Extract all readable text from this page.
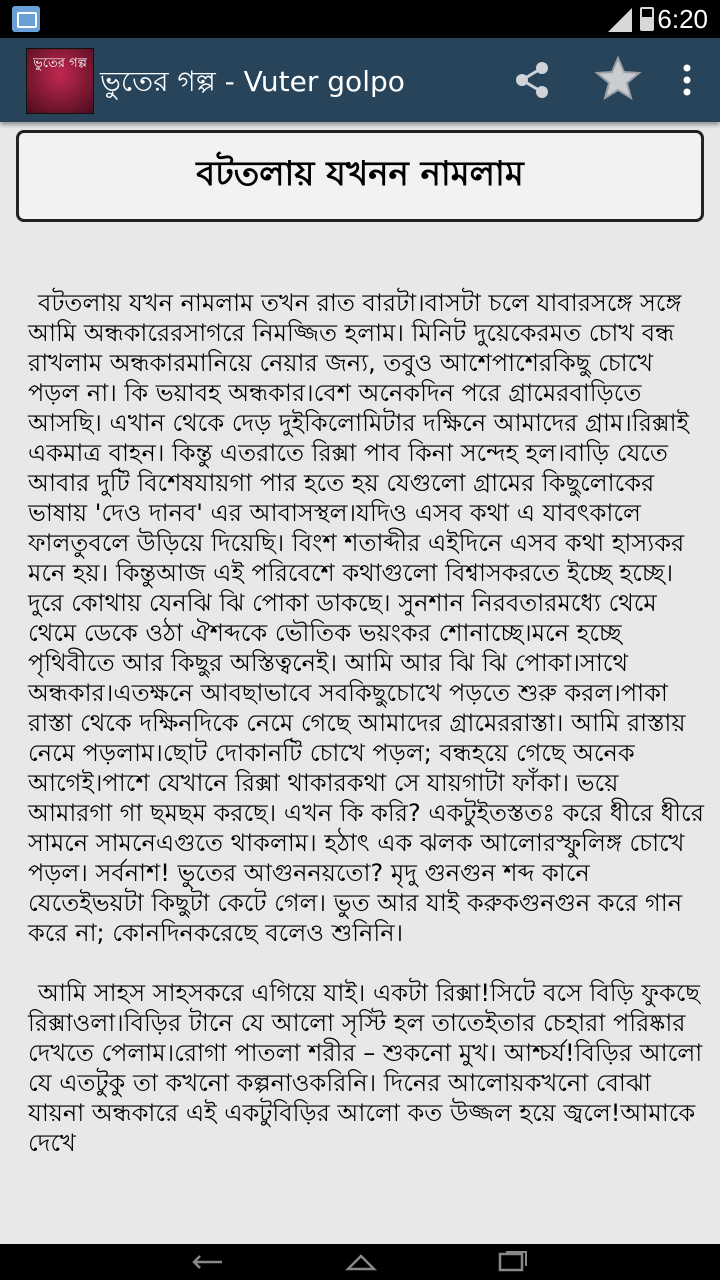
6:20
ভুতের গল্প
ভুতের গল্প - Vuter golpo
বটতলায় যখনন নামলাম

বটতলায় যখন নামলাম তখন রাত বারটা।বাসটা চলে যাবারসঙ্গে সঙ্গে আমি অন্ধকারেরসাগরে নিমজ্জিত হলাম। মিনিট দুয়েকেরমত চোখ বন্ধ রাখলাম অন্ধকারমানিয়ে নেয়ার জন্য, তবুও আশেপাশেরকিছু চোখে পড়ল না। কি ভয়াবহ অন্ধকার।বেশ অনেকদিন পরে গ্রামেরবাড়িতে আসছি। এখান থেকে দেড় দুইকিলোমিটার দক্ষিনে আমাদের গ্রাম।রিক্সাই একমাত্র বাহন। কিন্তু এতরাতে রিক্সা পাব কিনা সন্দেহ হল।বাড়ি যেতে আবার দুটি বিশেষযায়গা পার হতে হয় যেগুলো গ্রামের কিছুলোকের ভাষায় 'দেও দানব' এর আবাসস্থল।যদিও এসব কথা এ যাবৎকালে ফালতুবলে উড়িয়ে দিয়েছি। বিংশ শতাব্দীর এইদিনে এসব কথা হাস্যকর মনে হয়। কিন্তুআজ এই পরিবেশে কথাগুলো বিশ্বাসকরতে ইচ্ছে হচ্ছে। দুরে কোথায় যেনঝি ঝি পোকা ডাকছে। সুনশান নিরবতারমধ্যে থেমে থেমে ডেকে ওঠা ঐশব্দকে ভৌতিক ভয়ংকর শোনাচ্ছে।মনে হচ্ছে পৃথিবীতে আর কিছুর অস্তিত্বনেই। আমি আর ঝি ঝি পোকা।সাথে অন্ধকার।এতক্ষনে আবছাভাবে সবকিছুচোখে পড়তে শুরু করল।পাকা রাস্তা থেকে দক্ষিনদিকে নেমে গেছে আমাদের গ্রামেররাস্তা। আমি রাস্তায় নেমে পড়লাম।ছোট দোকানটি চোখে পড়ল; বন্ধহয়ে গেছে অনেক আগেই।পাশে যেখানে রিক্সা থাকারকথা সে যায়গাটা ফাঁকা। ভয়ে আমারগা গা ছমছম করছে। এখন কি করি? একটুইতস্ততঃ করে ধীরে ধীরে সামনে সামনেএগুতে থাকলাম। হঠাৎ এক ঝলক আলোরস্ফুলিঙ্গ চোখে পড়ল। সর্বনাশ! ভুতের আগুননয়তো? মৃদু গুনগুন শব্দ কানে যেতেইভয়টা কিছুটা কেটে গেল। ভুত আর যাই করুকগুনগুন করে গান করে না; কোনদিনকরেছে বলেও শুনিনি।

আমি সাহস সাহসকরে এগিয়ে যাই। একটা রিক্সা!সিটে বসে বিড়ি ফুকছে রিক্সাওলা।বিড়ির টানে যে আলো সৃস্টি হল তাতেইতার চেহারা পরিষ্কার দেখতে পেলাম।রোগা পাতলা শরীর – শুকনো মুখ। আশ্চর্য!বিড়ির আলো যে এতটুকু তা কখনো কল্পনাওকরিনি। দিনের আলোয়কখনো বোঝা যায়না অন্ধকারে এই একটুবিড়ির আলো কত উজ্জল হয়ে জ্বলে!আমাকে দেখে
